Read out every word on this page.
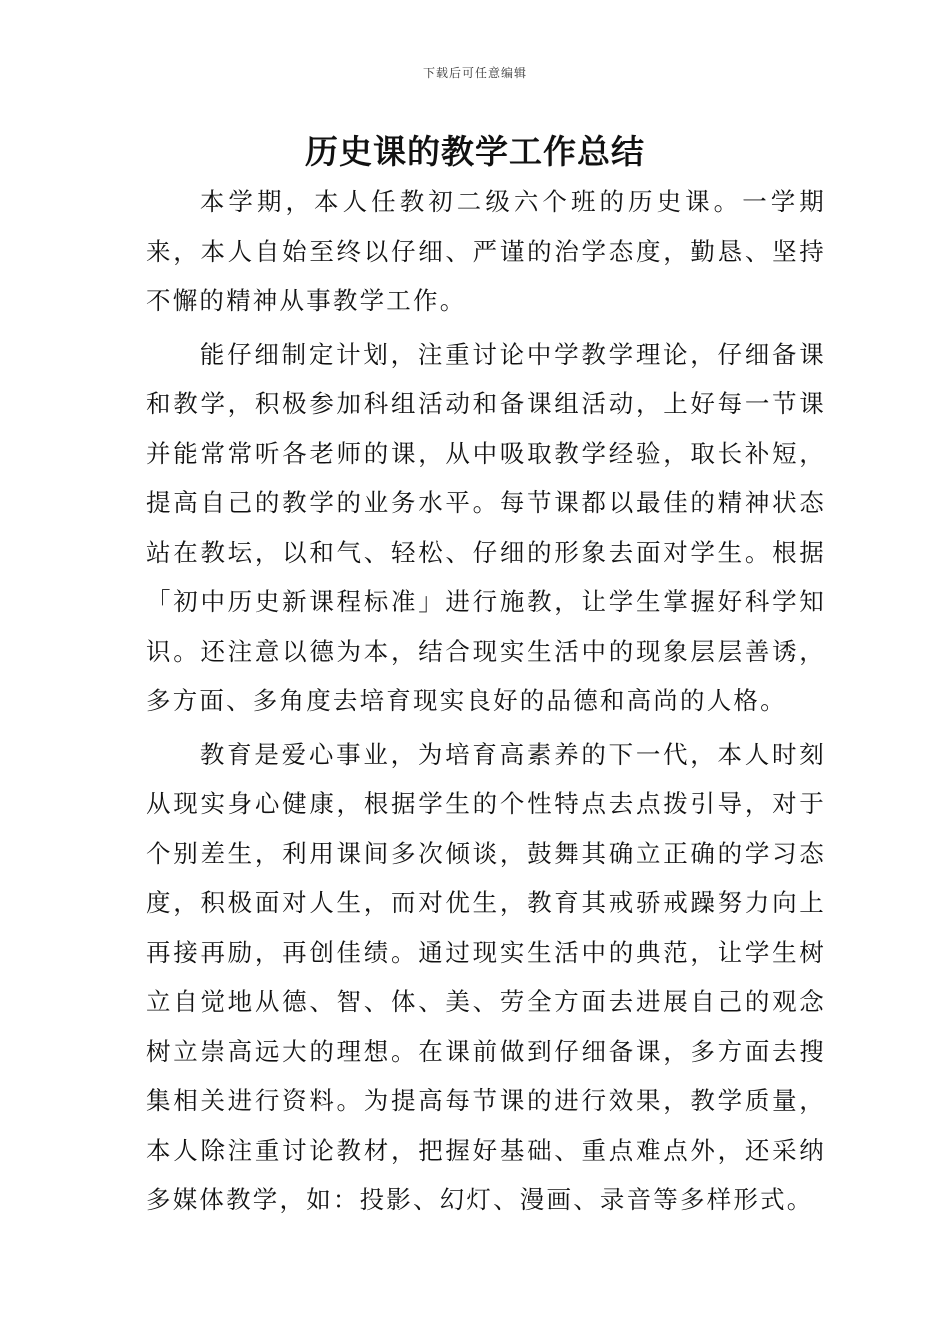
下载后可任意编辑
历史课的教学工作总结

本学期，本人任教初二级六个班的历史课。一学期来，本人自始至终以仔细、严谨的治学态度，勤恳、坚持不懈的精神从事教学工作。

能仔细制定计划，注重讨论中学教学理论，仔细备课和教学，积极参加科组活动和备课组活动，上好每一节课并能常常听各老师的课，从中吸取教学经验，取长补短，提高自己的教学的业务水平。每节课都以最佳的精神状态站在教坛，以和气、轻松、仔细的形象去面对学生。根据「初中历史新课程标准」进行施教，让学生掌握好科学知识。还注意以德为本，结合现实生活中的现象层层善诱，多方面、多角度去培育现实良好的品德和高尚的人格。

教育是爱心事业，为培育高素养的下一代，本人时刻从现实身心健康，根据学生的个性特点去点拨引导，对于个别差生，利用课间多次倾谈，鼓舞其确立正确的学习态度，积极面对人生，而对优生，教育其戒骄戒躁努力向上再接再励，再创佳绩。通过现实生活中的典范，让学生树立自觉地从德、智、体、美、劳全方面去进展自己的观念树立崇高远大的理想。在课前做到仔细备课，多方面去搜集相关进行资料。为提高每节课的进行效果，教学质量，本人除注重讨论教材，把握好基础、重点难点外，还采纳多媒体教学，如：投影、幻灯、漫画、录音等多样形式。
